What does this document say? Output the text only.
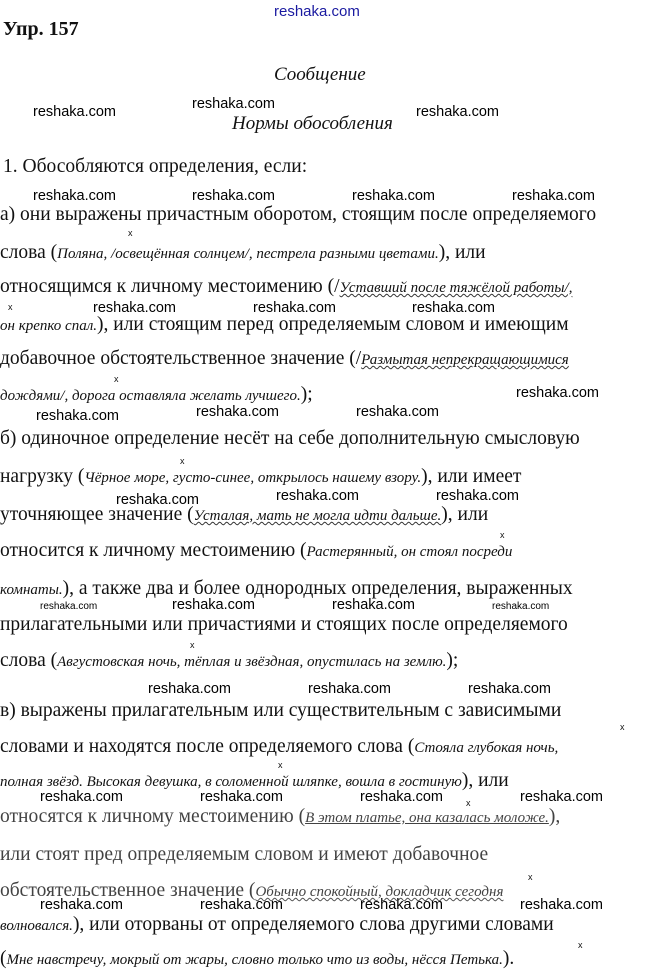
reshaka.com
reshaka.com	reshaka.com	reshaka.com
reshaka.com	reshaka.com	reshaka.com	reshaka.com
reshaka.com	reshaka.com	reshaka.com
reshaka.com
reshaka.com	reshaka.com	reshaka.com
reshaka.com	reshaka.com	reshaka.com
reshaka.com	reshaka.com	reshaka.com	reshaka.com
reshaka.com	reshaka.com	reshaka.com
reshaka.com	reshaka.com	reshaka.com	reshaka.com
reshaka.com	reshaka.com	reshaka.com	reshaka.com
x
x
x
x
x
x
x
x
x
x
x
Упр. 157
Сообщение
Нормы обособления
1. Обособляются определения, если:
а) они выражены причастным оборотом, стоящим после определяемого
слова (Поляна, /освещённая солнцем/, пестрела разными цветами.), или
относящимся к личному местоимению (/Уставший после тяжёлой работы/,
он крепко спал.), или стоящим перед определяемым словом и имеющим
добавочное обстоятельственное значение (/Размытая непрекращающимися
дождями/, дорога оставляла желать лучшего.);
б) одиночное определение несёт на себе дополнительную смысловую
нагрузку (Чёрное море, густо-синее, открылось нашему взору.), или имеет
уточняющее значение (Усталая, мать не могла идти дальше.), или
относится к личному местоимению (Растерянный, он стоял посреди
комнаты.), а также два и более однородных определения, выраженных
прилагательными или причастиями и стоящих после определяемого
слова (Августовская ночь, тёплая и звёздная, опустилась на землю.);
в) выражены прилагательным или существительным с зависимыми
словами и находятся после определяемого слова (Стояла глубокая ночь,
полная звёзд. Высокая девушка, в соломенной шляпке, вошла в гостиную), или
относятся к личному местоимению (В этом платье, она казалась моложе.),
или стоят пред определяемым словом и имеют добавочное
обстоятельственное значение (Обычно спокойный, докладчик сегодня
волновался.), или оторваны от определяемого слова другими словами
(Мне навстречу, мокрый от жары, словно только что из воды, нёсся Петька.).
